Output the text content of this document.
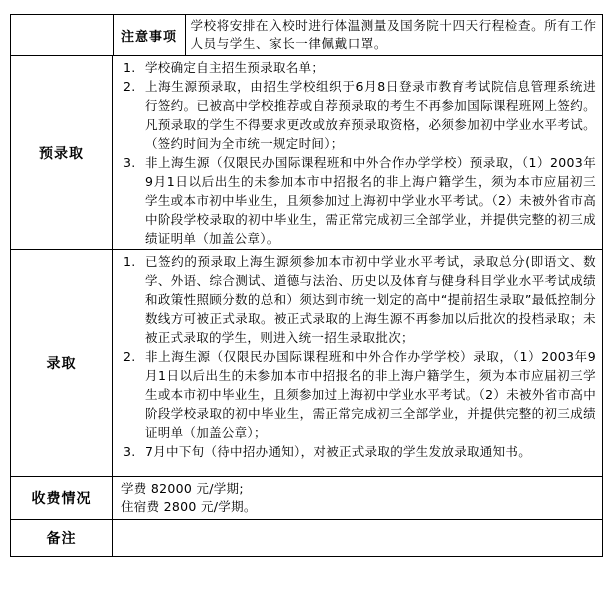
	注意事项	学校将安排在入校时进行体温测量及国务院十四天行程检查。所有工作人员与学生、家长一律佩戴口罩。

预录取	
1. 学校确定自主招生预录取名单；
2. 上海生源预录取，由招生学校组织于6月8日登录市教育考试院信息管理系统进行签约。已被高中学校推荐或自荐预录取的考生不再参加国际课程班网上签约。凡预录取的学生不得要求更改或放弃预录取资格，必须参加初中学业水平考试。（签约时间为全市统一规定时间）；
3. 非上海生源（仅限民办国际课程班和中外合作办学学校）预录取，（1）2003年9月1日以后出生的未参加本市中招报名的非上海户籍学生，须为本市应届初三学生或本市初中毕业生，且须参加过上海初中学业水平考试。（2）未被外省市高中阶段学校录取的初中毕业生，需正常完成初三全部学业，并提供完整的初三成绩证明单（加盖公章）。

录取	
1. 已签约的预录取上海生源须参加本市初中学业水平考试，录取总分(即语文、数学、外语、综合测试、道德与法治、历史以及体育与健身科目学业水平考试成绩和政策性照顾分数的总和）须达到市统一划定的高中“提前招生录取”最低控制分数线方可被正式录取。被正式录取的上海生源不再参加以后批次的投档录取；未被正式录取的学生，则进入统一招生录取批次；
2. 非上海生源（仅限民办国际课程班和中外合作办学学校）录取，（1）2003年9月1日以后出生的未参加本市中招报名的非上海户籍学生，须为本市应届初三学生或本市初中毕业生，且须参加过上海初中学业水平考试。（2）未被外省市高中阶段学校录取的初中毕业生，需正常完成初三全部学业，并提供完整的初三成绩证明单（加盖公章）；
3. 7月中下旬（待中招办通知），对被正式录取的学生发放录取通知书。

收费情况	
学费 82000 元/学期;
住宿费 2800 元/学期。

备注	
